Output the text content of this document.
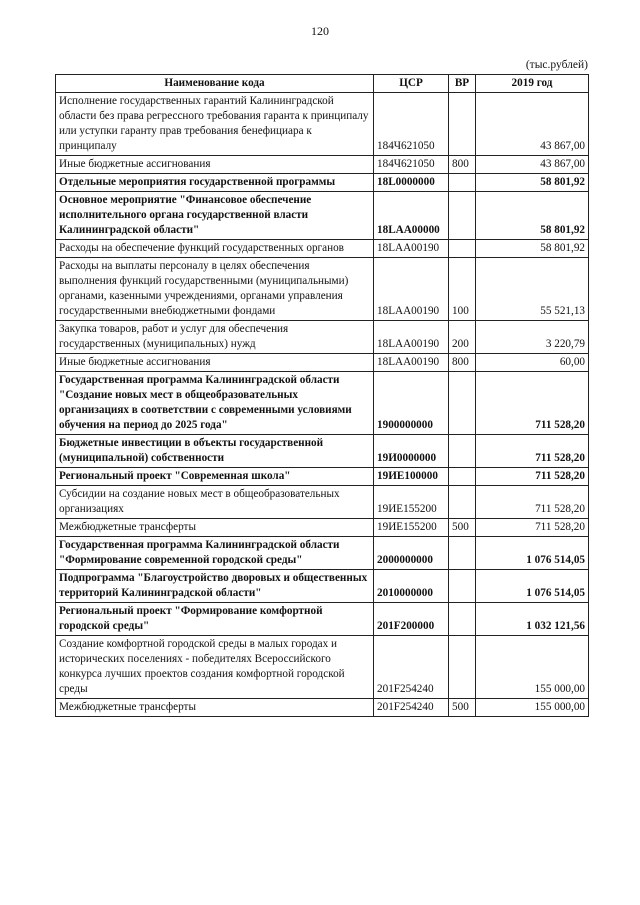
120
(тыс.рублей)
Наименование кода	ЦСР	ВР	2019 год
Исполнение государственных гарантий Калининградской области без права регрессного требования гаранта к принципалу или уступки гаранту прав требования бенефициара к принципалу	184Ч621050		43 867,00
Иные бюджетные ассигнования	184Ч621050	800	43 867,00
Отдельные мероприятия государственной программы	18L0000000		58 801,92
Основное мероприятие "Финансовое обеспечение исполнительного органа государственной власти Калининградской области"	18LAA00000		58 801,92
Расходы на обеспечение функций государственных органов	18LAA00190		58 801,92
Расходы на выплаты персоналу в целях обеспечения выполнения функций государственными (муниципальными) органами, казенными учреждениями, органами управления государственными внебюджетными фондами	18LAA00190	100	55 521,13
Закупка товаров, работ и услуг для обеспечения государственных (муниципальных) нужд	18LAA00190	200	3 220,79
Иные бюджетные ассигнования	18LAA00190	800	60,00
Государственная программа Калининградской области "Создание новых мест в общеобразовательных организациях в соответствии с современными условиями обучения на период до 2025 года"	1900000000		711 528,20
Бюджетные инвестиции в объекты государственной (муниципальной) собственности	19И0000000		711 528,20
Региональный проект "Современная школа"	19ИЕ100000		711 528,20
Субсидии на создание новых мест в общеобразовательных организациях	19ИЕ155200		711 528,20
Межбюджетные трансферты	19ИЕ155200	500	711 528,20
Государственная программа Калининградской области "Формирование современной городской среды"	2000000000		1 076 514,05
Подпрограмма "Благоустройство дворовых и общественных территорий Калининградской области"	2010000000		1 076 514,05
Региональный проект "Формирование комфортной городской среды"	201F200000		1 032 121,56
Создание комфортной городской среды в малых городах и исторических поселениях - победителях Всероссийского конкурса лучших проектов создания комфортной городской среды	201F254240		155 000,00
Межбюджетные трансферты	201F254240	500	155 000,00
